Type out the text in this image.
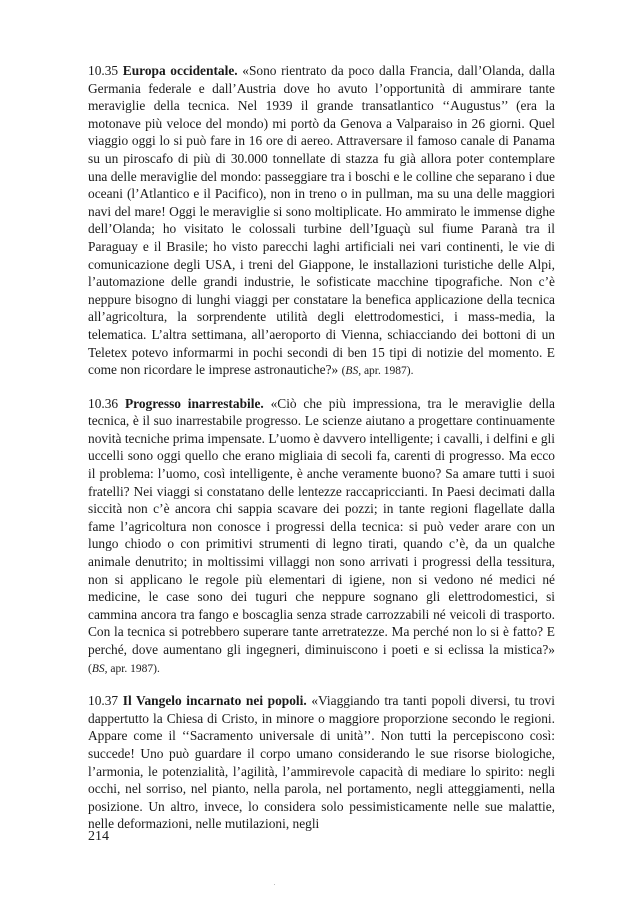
10.35 Europa occidentale. «Sono rientrato da poco dalla Francia, dall’Olanda, dalla Germania federale e dall’Austria dove ho avuto l’opportunità di ammirare tante meraviglie della tecnica. Nel 1939 il grande transatlantico ‘‘Augustus’’ (era la motonave più veloce del mondo) mi portò da Genova a Valparaiso in 26 giorni. Quel viaggio oggi lo si può fare in 16 ore di aereo. Attraversare il famoso canale di Panama su un piroscafo di più di 30.000 tonnellate di stazza fu già allora poter contemplare una delle meraviglie del mondo: passeggiare tra i boschi e le colline che separano i due oceani (l’Atlantico e il Pacifico), non in treno o in pullman, ma su una delle maggiori navi del mare! Oggi le meraviglie si sono moltiplicate. Ho ammirato le immense dighe dell’Olanda; ho visitato le colossali turbine dell’Iguaçù sul fiume Paranà tra il Paraguay e il Brasile; ho visto parecchi laghi artificiali nei vari continenti, le vie di comunicazione degli USA, i treni del Giappone, le installazioni turistiche delle Alpi, l’automazione delle grandi industrie, le sofisticate macchine tipografiche. Non c’è neppure bisogno di lunghi viaggi per constatare la benefica applicazione della tecnica all’agricoltura, la sorprendente utilità degli elettrodomestici, i mass-media, la telematica. L’altra settimana, all’aeroporto di Vienna, schiacciando dei bottoni di un Teletex potevo informarmi in pochi secondi di ben 15 tipi di notizie del momento. E come non ricordare le imprese astronautiche?» (BS, apr. 1987).

10.36 Progresso inarrestabile. «Ciò che più impressiona, tra le meraviglie della tecnica, è il suo inarrestabile progresso. Le scienze aiutano a progettare continuamente novità tecniche prima impensate. L’uomo è davvero intelligente; i cavalli, i delfini e gli uccelli sono oggi quello che erano migliaia di secoli fa, carenti di progresso. Ma ecco il problema: l’uomo, così intelligente, è anche veramente buono? Sa amare tutti i suoi fratelli? Nei viaggi si constatano delle lentezze raccapriccianti. In Paesi decimati dalla siccità non c’è ancora chi sappia scavare dei pozzi; in tante regioni flagellate dalla fame l’agricoltura non conosce i progressi della tecnica: si può veder arare con un lungo chiodo o con primitivi strumenti di legno tirati, quando c’è, da un qualche animale denutrito; in moltissimi villaggi non sono arrivati i progressi della tessitura, non si applicano le regole più elementari di igiene, non si vedono né medici né medicine, le case sono dei tuguri che neppure sognano gli elettrodomestici, si cammina ancora tra fango e boscaglia senza strade carrozzabili né veicoli di trasporto. Con la tecnica si potrebbero superare tante arretratezze. Ma perché non lo si è fatto? E perché, dove aumentano gli ingegneri, diminuiscono i poeti e si eclissa la mistica?» (BS, apr. 1987).

10.37 Il Vangelo incarnato nei popoli. «Viaggiando tra tanti popoli diversi, tu trovi dappertutto la Chiesa di Cristo, in minore o maggiore proporzione secondo le regioni. Appare come il ‘‘Sacramento universale di unità’’. Non tutti la percepiscono così: succede! Uno può guardare il corpo umano considerando le sue risorse biologiche, l’armonia, le potenzialità, l’agilità, l’ammirevole capacità di mediare lo spirito: negli occhi, nel sorriso, nel pianto, nella parola, nel portamento, negli atteggiamenti, nella posizione. Un altro, invece, lo considera solo pessimisticamente nelle sue malattie, nelle deformazioni, nelle mutilazioni, negli

214
